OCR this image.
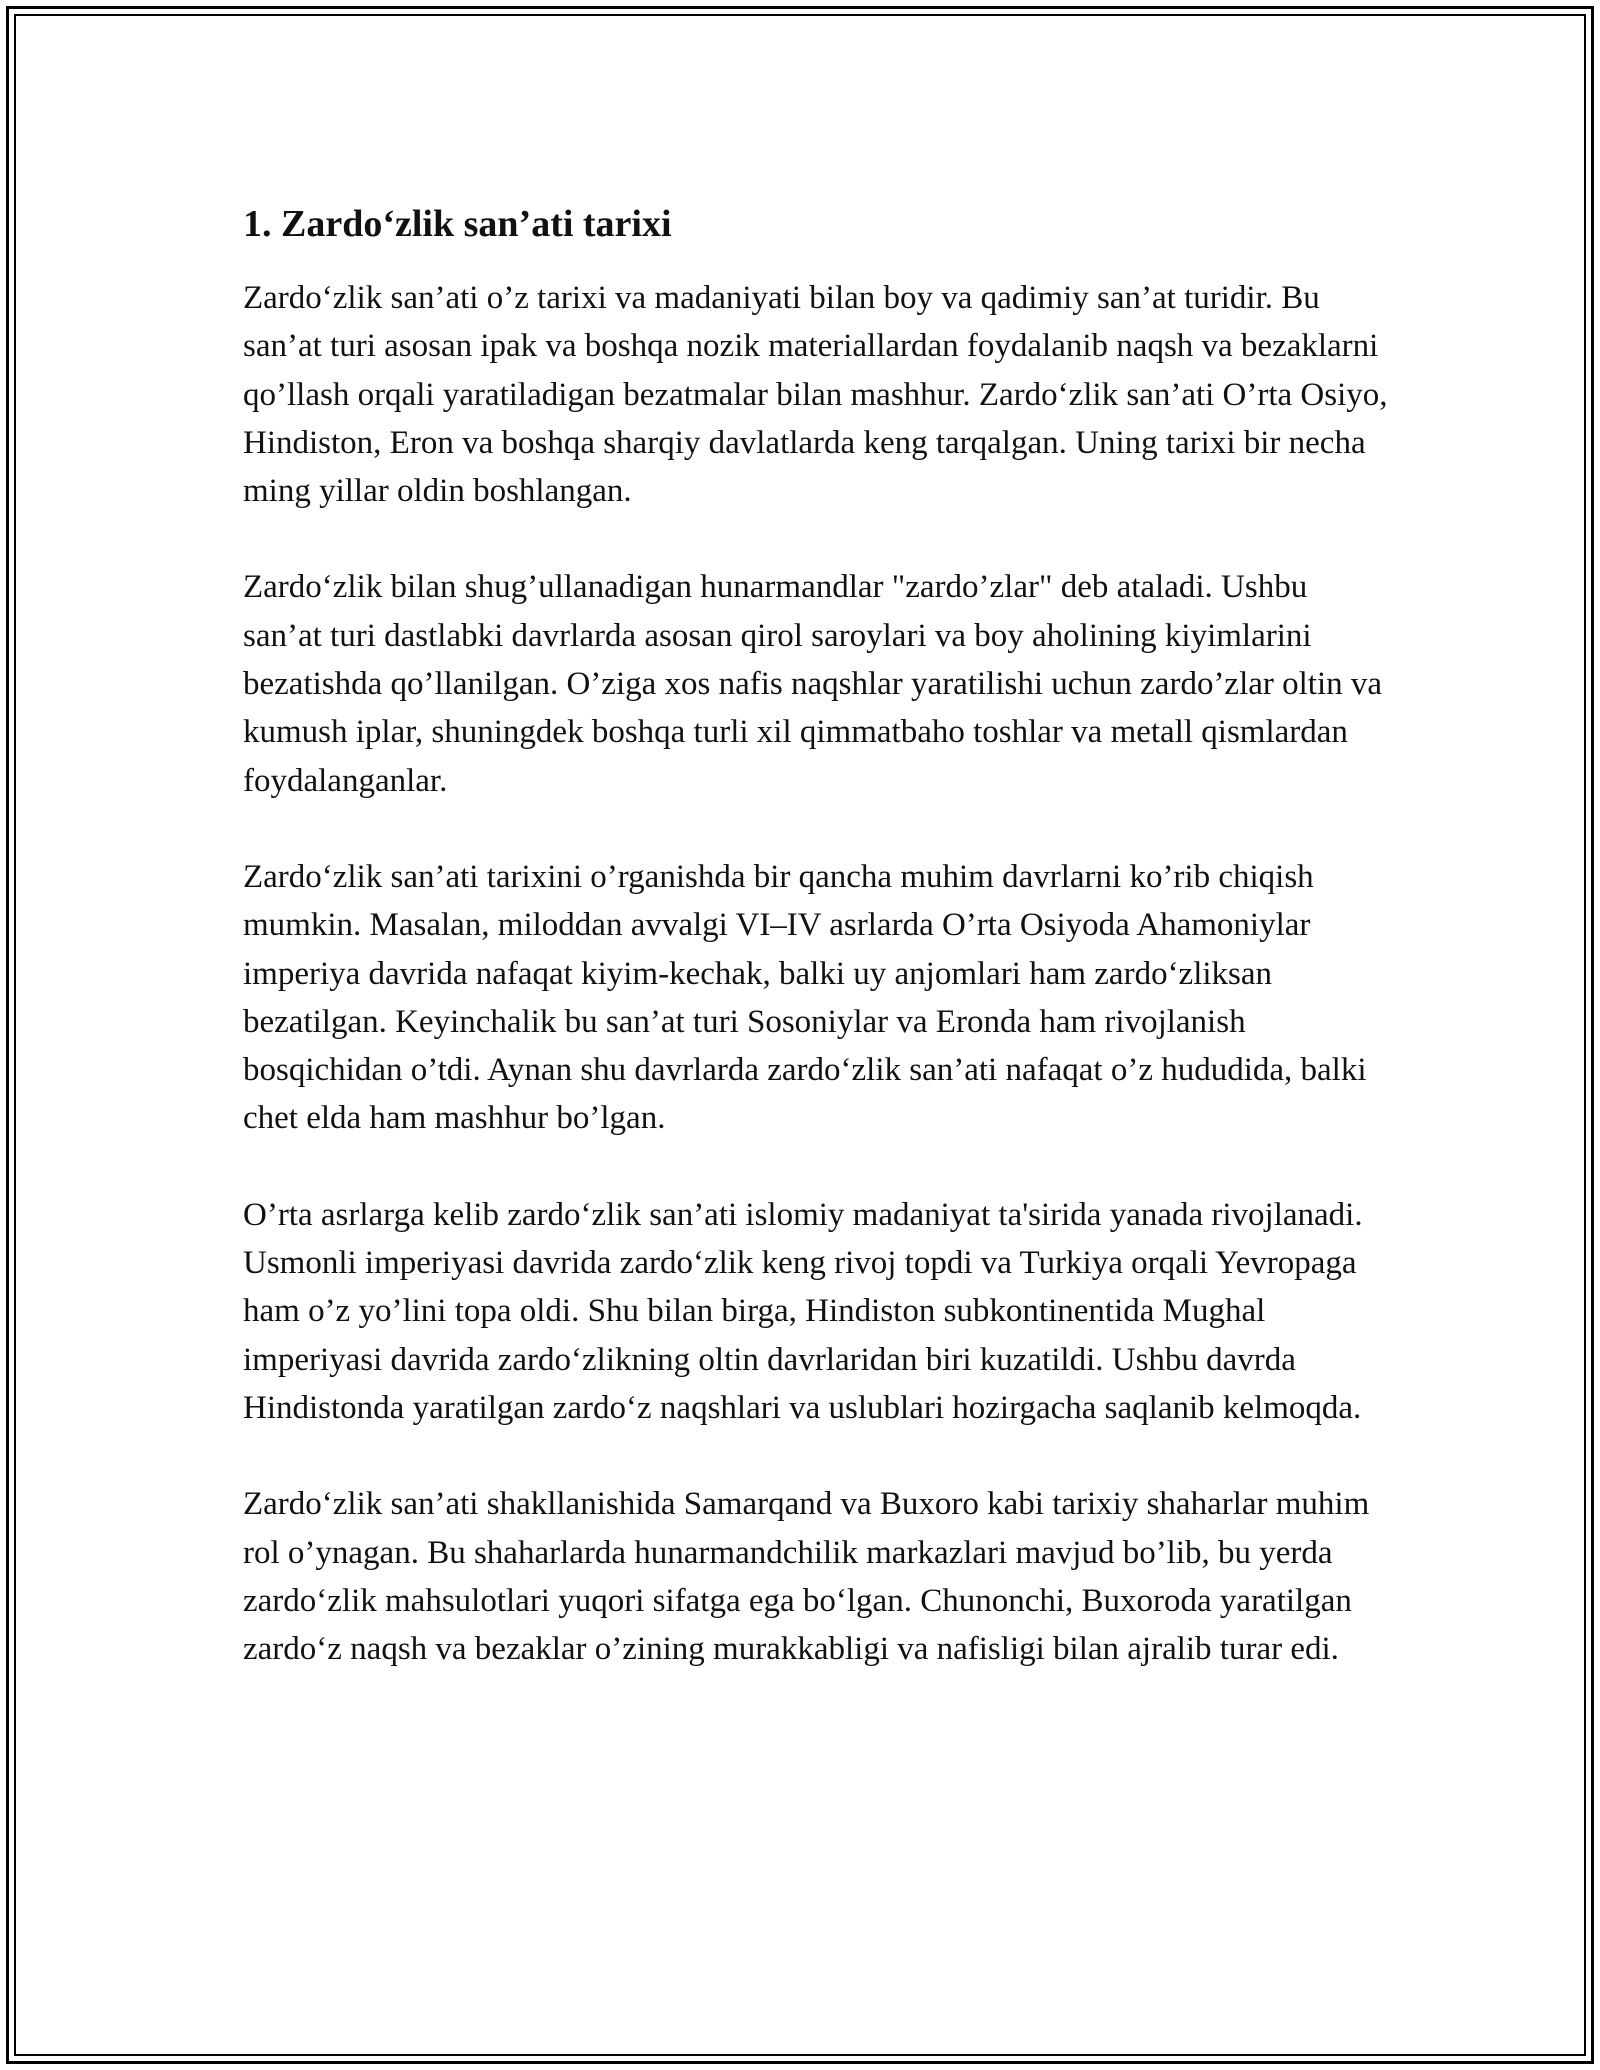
1. Zardo‘zlik san’ati tarixi

Zardo‘zlik san’ati o’z tarixi va madaniyati bilan boy va qadimiy san’at turidir. Bu san’at turi asosan ipak va boshqa nozik materiallardan foydalanib naqsh va bezaklarni qo’llash orqali yaratiladigan bezatmalar bilan mashhur. Zardo‘zlik san’ati O’rta Osiyo, Hindiston, Eron va boshqa sharqiy davlatlarda keng tarqalgan. Uning tarixi bir necha ming yillar oldin boshlangan.

Zardo‘zlik bilan shug’ullanadigan hunarmandlar "zardo’zlar" deb ataladi. Ushbu san’at turi dastlabki davrlarda asosan qirol saroylari va boy aholining kiyimlarini bezatishda qo’llanilgan. O’ziga xos nafis naqshlar yaratilishi uchun zardo’zlar oltin va kumush iplar, shuningdek boshqa turli xil qimmatbaho toshlar va metall qismlardan foydalanganlar.

Zardo‘zlik san’ati tarixini o’rganishda bir qancha muhim davrlarni ko’rib chiqish mumkin. Masalan, miloddan avvalgi VI–IV asrlarda O’rta Osiyoda Ahamoniylar imperiya davrida nafaqat kiyim-kechak, balki uy anjomlari ham zardo‘zliksan bezatilgan. Keyinchalik bu san’at turi Sosoniylar va Eronda ham rivojlanish bosqichidan o’tdi. Aynan shu davrlarda zardo‘zlik san’ati nafaqat o’z hududida, balki chet elda ham mashhur bo’lgan.

O’rta asrlarga kelib zardo‘zlik san’ati islomiy madaniyat ta'sirida yanada rivojlanadi. Usmonli imperiyasi davrida zardo‘zlik keng rivoj topdi va Turkiya orqali Yevropaga ham o’z yo’lini topa oldi. Shu bilan birga, Hindiston subkontinentida Mughal imperiyasi davrida zardo‘zlikning oltin davrlaridan biri kuzatildi. Ushbu davrda Hindistonda yaratilgan zardo‘z naqshlari va uslublari hozirgacha saqlanib kelmoqda.

Zardo‘zlik san’ati shakllanishida Samarqand va Buxoro kabi tarixiy shaharlar muhim rol o’ynagan. Bu shaharlarda hunarmandchilik markazlari mavjud bo’lib, bu yerda zardo‘zlik mahsulotlari yuqori sifatga ega bo‘lgan. Chunonchi, Buxoroda yaratilgan zardo‘z naqsh va bezaklar o’zining murakkabligi va nafisligi bilan ajralib turar edi.
